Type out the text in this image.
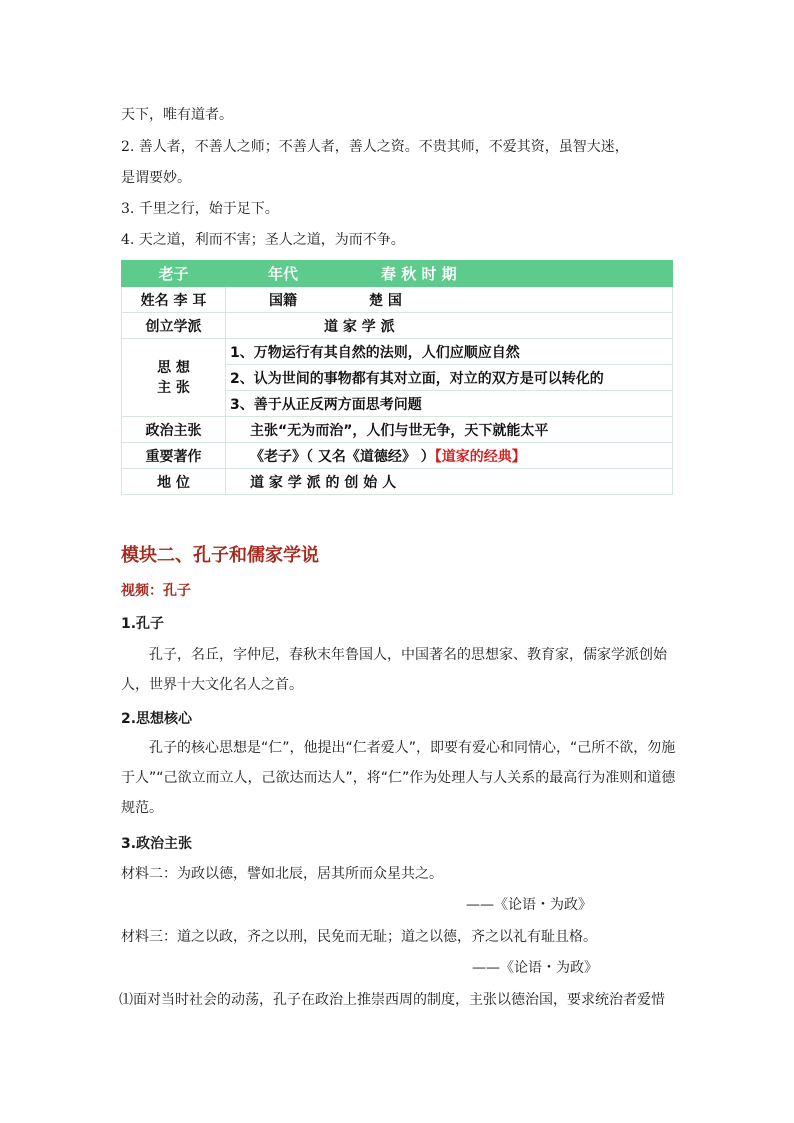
天下，唯有道者。
2. 善人者，不善人之师；不善人者，善人之资。不贵其师，不爱其资，虽智大迷，
是谓要妙。
3. 千里之行，始于足下。
4. 天之道，利而不害；圣人之道，为而不争。
老子	年代	春 秋 时 期
姓名 李 耳	国籍	楚 国
创立学派	道 家 学 派	
思 想
主 张	1、万物运行有其自然的法则，人们应顺应自然	
	2、认为世间的事物都有其对立面，对立的双方是可以转化的	
	3、善于从正反两方面思考问题	
政治主张	主张“无为而治”，人们与世无争，天下就能太平	
重要著作	《老子》（ 又名《道德经》 ）【道家的经典】	
地 位	道 家 学 派 的 创 始 人	
模块二、孔子和儒家学说
视频：孔子
1.孔子
孔子，名丘，字仲尼，春秋末年鲁国人，中国著名的思想家、教育家，儒家学派创始人，世界十大文化名人之首。
2.思想核心
孔子的核心思想是“仁”，他提出“仁者爱人”，即要有爱心和同情心，“己所不欲，勿施于人”“己欲立而立人，己欲达而达人”，将“仁”作为处理人与人关系的最高行为准则和道德规范。
3.政治主张
材料二：为政以德，譬如北辰，居其所而众星共之。
——《论语・为政》
材料三：道之以政，齐之以刑，民免而无耻；道之以德，齐之以礼有耻且格。
——《论语・为政》
⑴面对当时社会的动荡，孔子在政治上推崇西周的制度，主张以德治国，要求统治者爱惜
